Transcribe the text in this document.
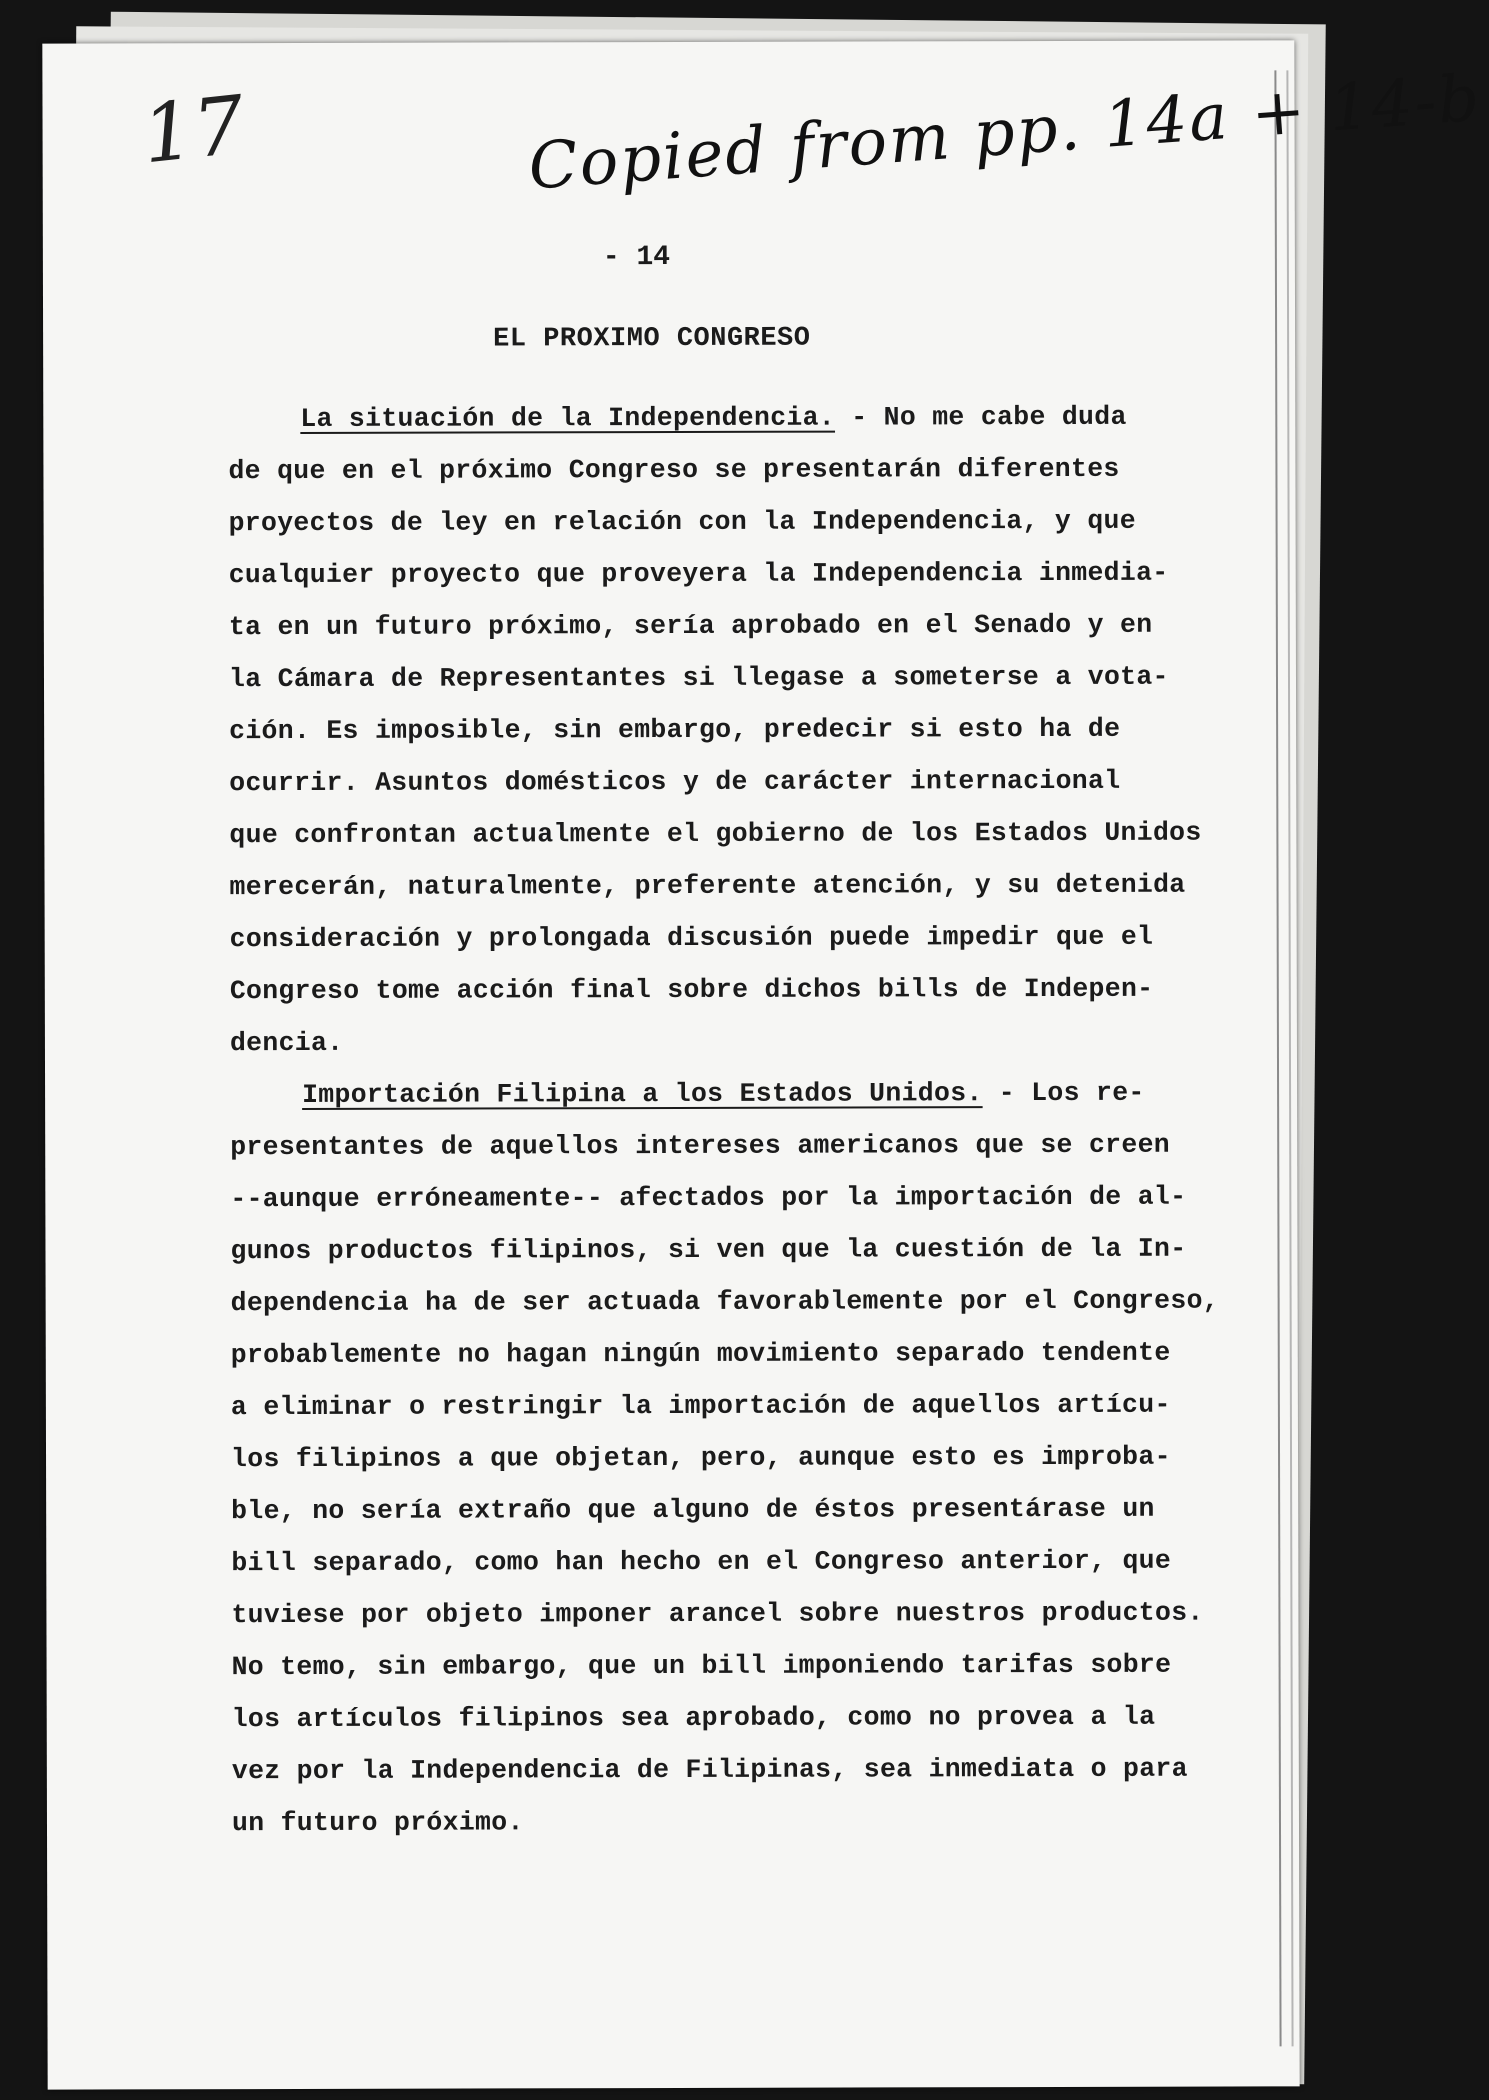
17	Copied from pp. 14a + 14-b
- 14
EL PROXIMO CONGRESO
La situación de la Independencia. - No me cabe duda
de que en el próximo Congreso se presentarán diferentes
proyectos de ley en relación con la Independencia, y que
cualquier proyecto que proveyera la Independencia inmedia-
ta en un futuro próximo, sería aprobado en el Senado y en
la Cámara de Representantes si llegase a someterse a vota-
ción. Es imposible, sin embargo, predecir si esto ha de
ocurrir. Asuntos domésticos y de carácter internacional
que confrontan actualmente el gobierno de los Estados Unidos
merecerán, naturalmente, preferente atención, y su detenida
consideración y prolongada discusión puede impedir que el
Congreso tome acción final sobre dichos bills de Indepen-
dencia.
Importación Filipina a los Estados Unidos. - Los re-
presentantes de aquellos intereses americanos que se creen
--aunque erróneamente-- afectados por la importación de al-
gunos productos filipinos, si ven que la cuestión de la In-
dependencia ha de ser actuada favorablemente por el Congreso,
probablemente no hagan ningún movimiento separado tendente
a eliminar o restringir la importación de aquellos artícu-
los filipinos a que objetan, pero, aunque esto es improba-
ble, no sería extraño que alguno de éstos presentárase un
bill separado, como han hecho en el Congreso anterior, que
tuviese por objeto imponer arancel sobre nuestros productos.
No temo, sin embargo, que un bill imponiendo tarifas sobre
los artículos filipinos sea aprobado, como no provea a la
vez por la Independencia de Filipinas, sea inmediata o para
un futuro próximo.
